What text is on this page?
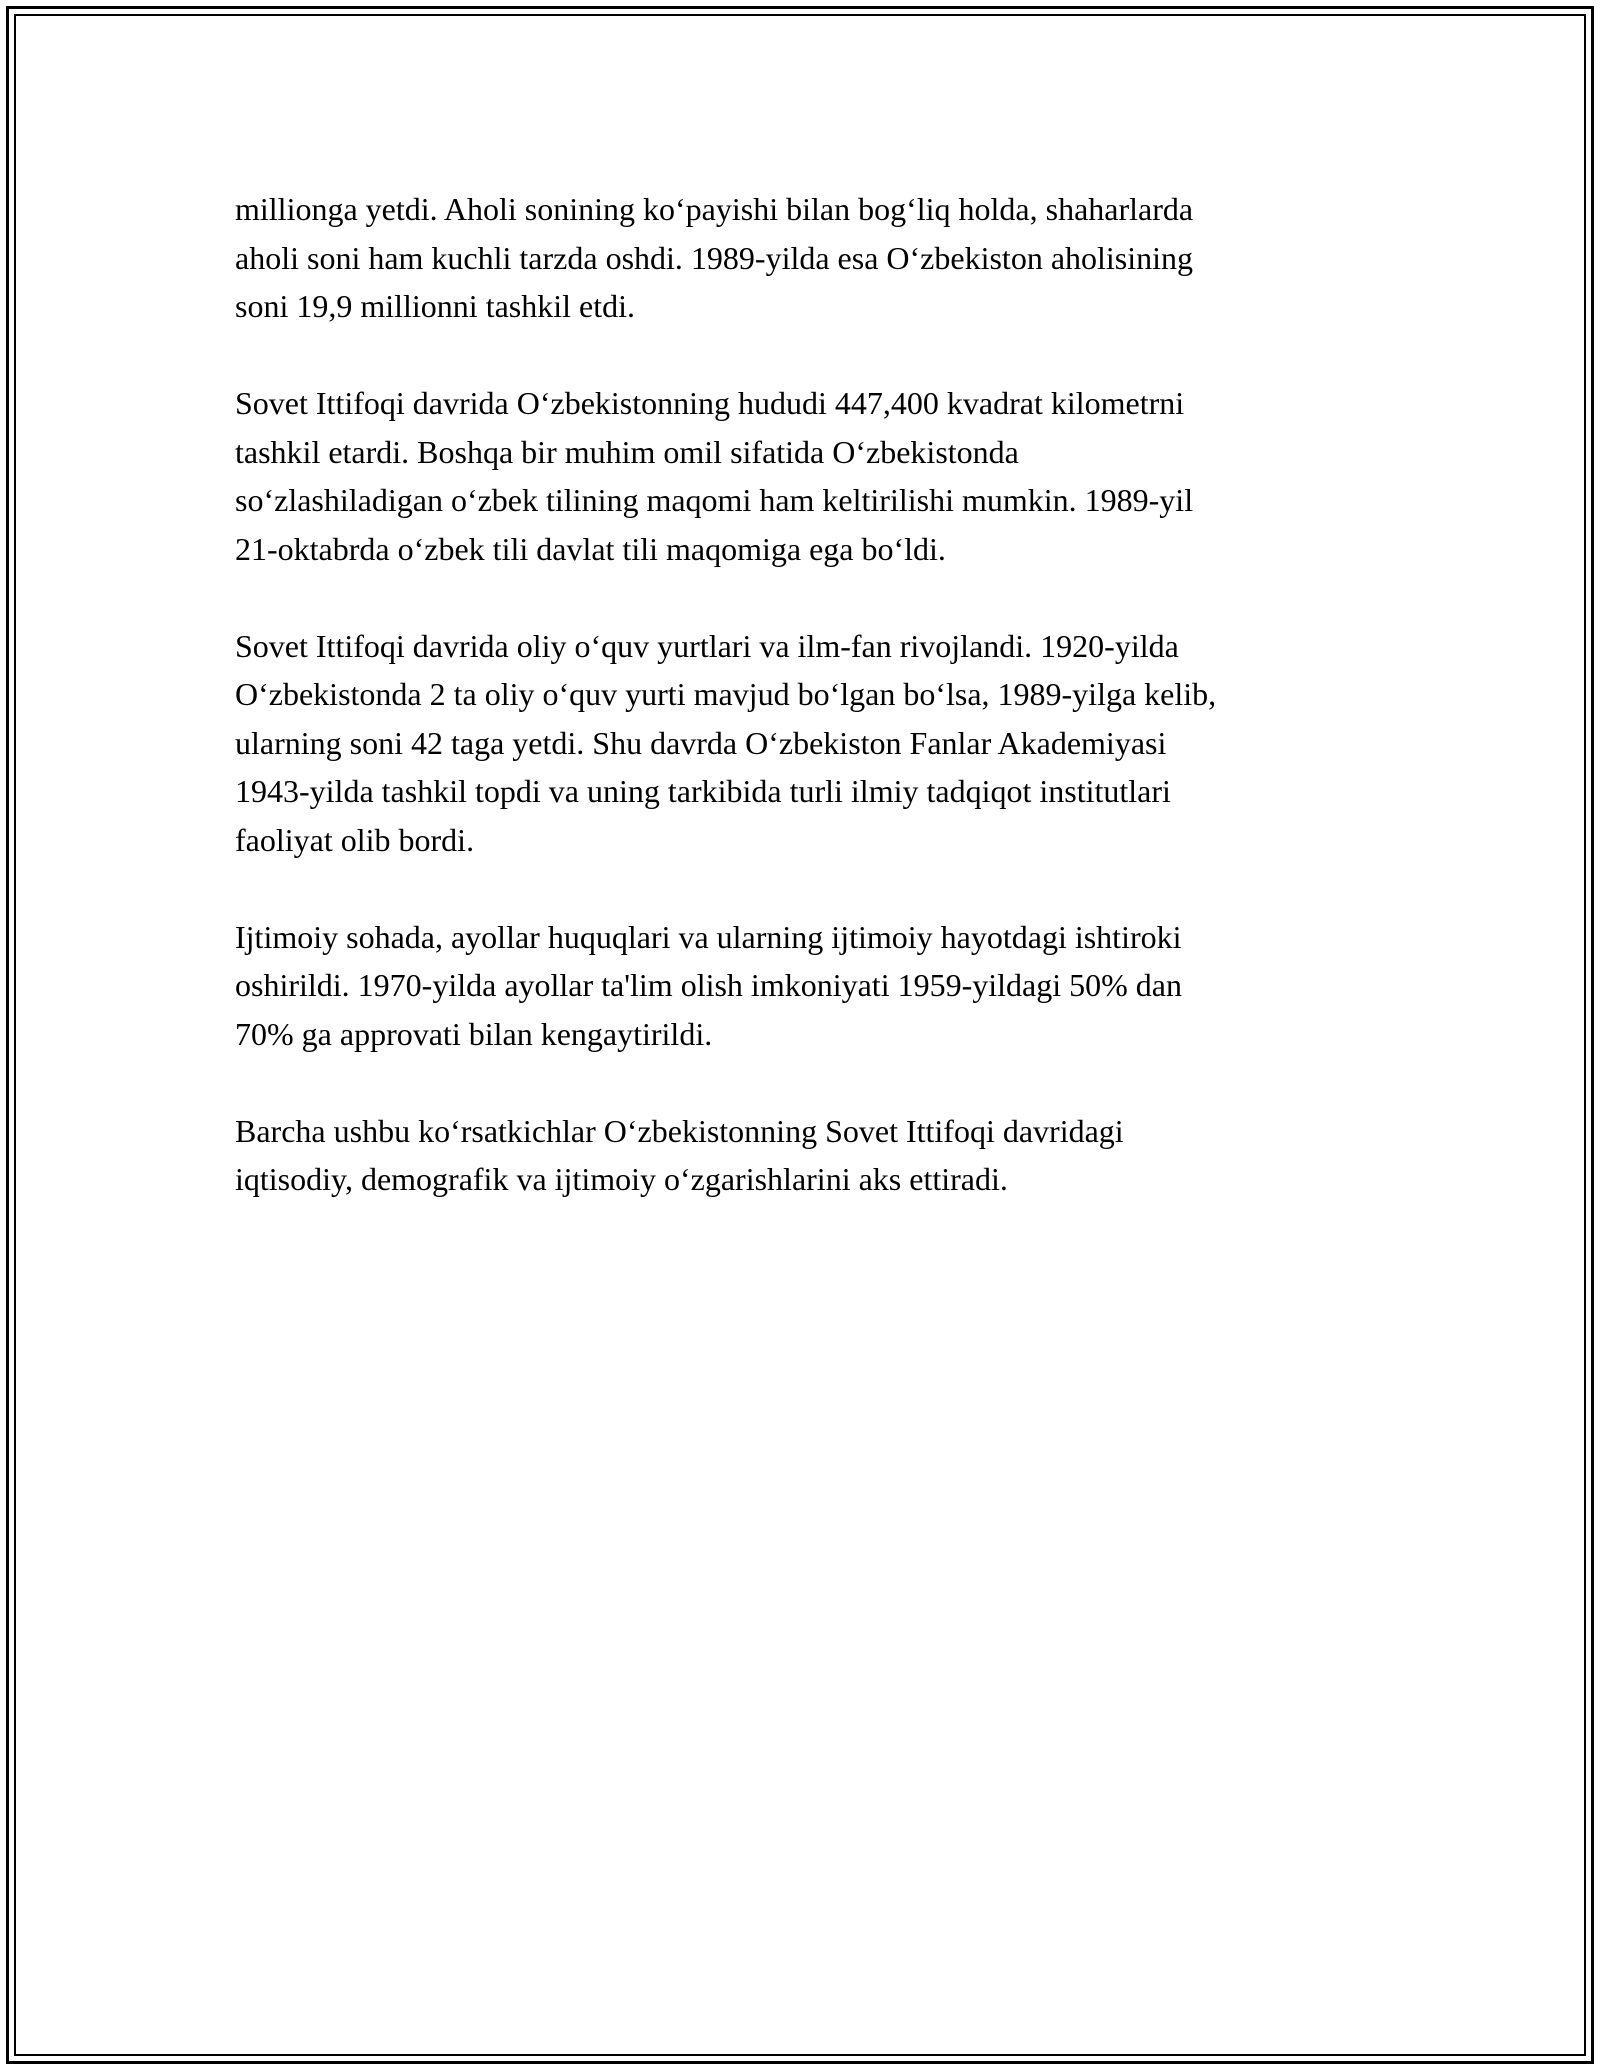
millionga yetdi. Aholi sonining ko‘payishi bilan bog‘liq holda, shaharlarda
aholi soni ham kuchli tarzda oshdi. 1989-yilda esa O‘zbekiston aholisining
soni 19,9 millionni tashkil etdi.

Sovet Ittifoqi davrida O‘zbekistonning hududi 447,400 kvadrat kilometrni
tashkil etardi. Boshqa bir muhim omil sifatida O‘zbekistonda
so‘zlashiladigan o‘zbek tilining maqomi ham keltirilishi mumkin. 1989-yil
21-oktabrda o‘zbek tili davlat tili maqomiga ega bo‘ldi.

Sovet Ittifoqi davrida oliy o‘quv yurtlari va ilm-fan rivojlandi. 1920-yilda
O‘zbekistonda 2 ta oliy o‘quv yurti mavjud bo‘lgan bo‘lsa, 1989-yilga kelib,
ularning soni 42 taga yetdi. Shu davrda O‘zbekiston Fanlar Akademiyasi
1943-yilda tashkil topdi va uning tarkibida turli ilmiy tadqiqot institutlari
faoliyat olib bordi.

Ijtimoiy sohada, ayollar huquqlari va ularning ijtimoiy hayotdagi ishtiroki
oshirildi. 1970-yilda ayollar ta'lim olish imkoniyati 1959-yildagi 50% dan
70% ga approvati bilan kengaytirildi.

Barcha ushbu ko‘rsatkichlar O‘zbekistonning Sovet Ittifoqi davridagi
iqtisodiy, demografik va ijtimoiy o‘zgarishlarini aks ettiradi.
